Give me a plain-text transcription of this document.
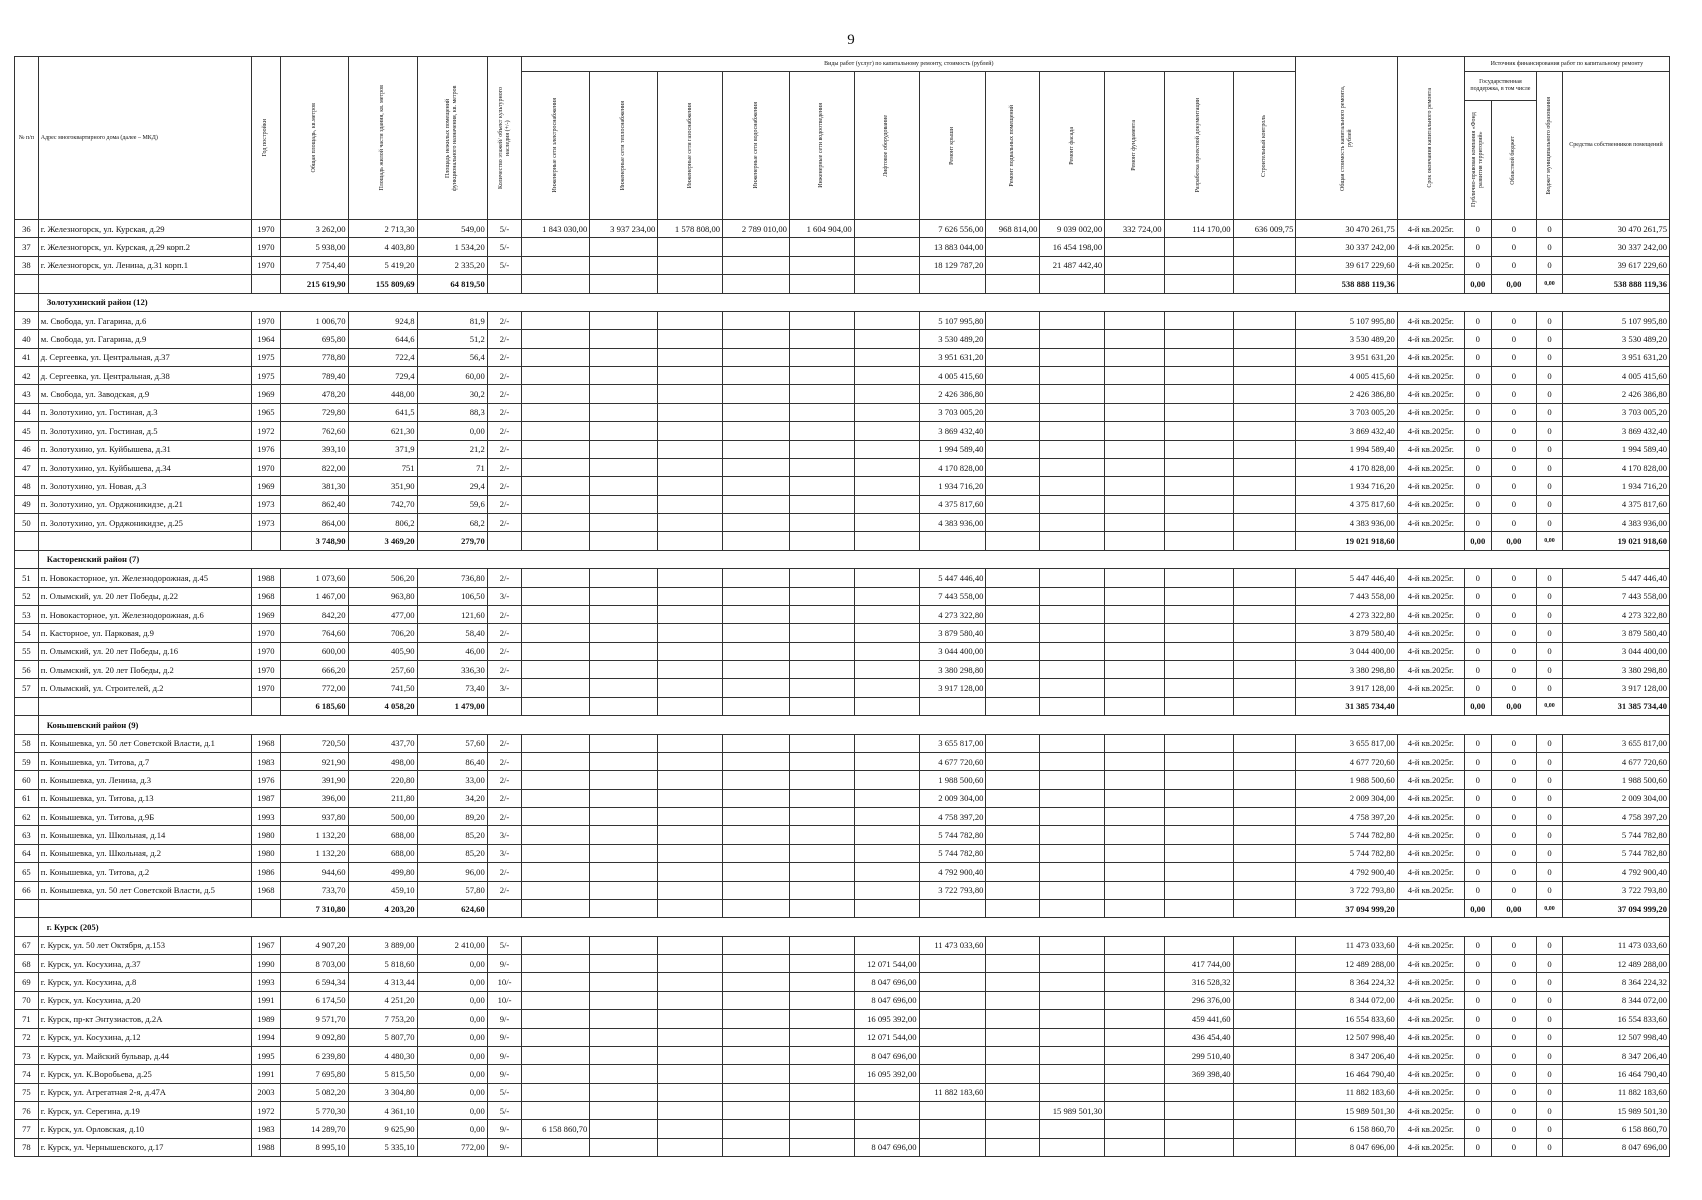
9
№ п/п	Адрес многоквартирного дома (далее – МКД)	Год постройки	Общая площадь, кв.метров	Площадь жилой части здания, кв. метров	Площадь нежилых помещений функционального назначения, кв. метров	Количество этажей/ объект культурного наследия (+/-)	Виды работ (услуг) по капитальному ремонту, стоимость (рублей)												Общая стоимость капитального ремонта, рублей	Срок окончания капитального ремонта	Источник финансирования работ по капитальному ремонту			

							Инженерные сети электроснабжения	Инженерные сети теплоснабжения	Инженерные сети газоснабжения	Инженерные сети водоснабжения	Инженерные сети водоотведения	Лифтовое оборудование	Ремонт крыши	Ремонт подвальных помещений	Ремонт фасада	Ремонт фундамента	Разработка проектной документации	Строительный контроль			Государственная поддержка, в том числе		Бюджет муниципального образования	Средства собственников помещений

																					Публично-правовая компания «Фонд развития территорий»	Областной бюджет		

36	г. Железногорск, ул. Курская, д.29	1970	3 262,00	2 713,30	549,00	5/-	1 843 030,00	3 937 234,00	1 578 808,00	2 789 010,00	1 604 904,00		7 626 556,00	968 814,00	9 039 002,00	332 724,00	114 170,00	636 009,75	30 470 261,75	4-й кв.2025г.	0	0	0	30 470 261,75
37	г. Железногорск, ул. Курская, д.29 корп.2	1970	5 938,00	4 403,80	1 534,20	5/-							13 883 044,00		16 454 198,00				30 337 242,00	4-й кв.2025г.	0	0	0	30 337 242,00
38	г. Железногорск, ул. Ленина, д.31 корп.1	1970	7 754,40	5 419,20	2 335,20	5/-							18 129 787,20		21 487 442,40				39 617 229,60	4-й кв.2025г.	0	0	0	39 617 229,60
			215 619,90	155 809,69	64 819,50														538 888 119,36		0,00	0,00	0,00	538 888 119,36
	Золотухинский район (12)																							
39	м. Свобода, ул. Гагарина, д.6	1970	1 006,70	924,8	81,9	2/-							5 107 995,80						5 107 995,80	4-й кв.2025г.	0	0	0	5 107 995,80
40	м. Свобода, ул. Гагарина, д.9	1964	695,80	644,6	51,2	2/-							3 530 489,20						3 530 489,20	4-й кв.2025г.	0	0	0	3 530 489,20
41	д. Сергеевка, ул. Центральная, д.37	1975	778,80	722,4	56,4	2/-							3 951 631,20						3 951 631,20	4-й кв.2025г.	0	0	0	3 951 631,20
42	д. Сергеевка, ул. Центральная, д.38	1975	789,40	729,4	60,00	2/-							4 005 415,60						4 005 415,60	4-й кв.2025г.	0	0	0	4 005 415,60
43	м. Свобода, ул. Заводская, д.9	1969	478,20	448,00	30,2	2/-							2 426 386,80						2 426 386,80	4-й кв.2025г.	0	0	0	2 426 386,80
44	п. Золотухино, ул. Гостиная, д.3	1965	729,80	641,5	88,3	2/-							3 703 005,20						3 703 005,20	4-й кв.2025г.	0	0	0	3 703 005,20
45	п. Золотухино, ул. Гостиная, д.5	1972	762,60	621,30	0,00	2/-							3 869 432,40						3 869 432,40	4-й кв.2025г.	0	0	0	3 869 432,40
46	п. Золотухино, ул. Куйбышева, д.31	1976	393,10	371,9	21,2	2/-							1 994 589,40						1 994 589,40	4-й кв.2025г.	0	0	0	1 994 589,40
47	п. Золотухино, ул. Куйбышева, д.34	1970	822,00	751	71	2/-							4 170 828,00						4 170 828,00	4-й кв.2025г.	0	0	0	4 170 828,00
48	п. Золотухино, ул. Новая, д.3	1969	381,30	351,90	29,4	2/-							1 934 716,20						1 934 716,20	4-й кв.2025г.	0	0	0	1 934 716,20
49	п. Золотухино, ул. Орджоникидзе, д.21	1973	862,40	742,70	59,6	2/-							4 375 817,60						4 375 817,60	4-й кв.2025г.	0	0	0	4 375 817,60
50	п. Золотухино, ул. Орджоникидзе, д.25	1973	864,00	806,2	68,2	2/-							4 383 936,00						4 383 936,00	4-й кв.2025г.	0	0	0	4 383 936,00
			3 748,90	3 469,20	279,70														19 021 918,60		0,00	0,00	0,00	19 021 918,60
	Касторенский район (7)																							
51	п. Новокасторное, ул. Железнодорожная, д.45	1988	1 073,60	506,20	736,80	2/-							5 447 446,40						5 447 446,40	4-й кв.2025г.	0	0	0	5 447 446,40
52	п. Олымский, ул. 20 лет Победы, д.22	1968	1 467,00	963,80	106,50	3/-							7 443 558,00						7 443 558,00	4-й кв.2025г.	0	0	0	7 443 558,00
53	п. Новокасторное, ул. Железнодорожная, д.6	1969	842,20	477,00	121,60	2/-							4 273 322,80						4 273 322,80	4-й кв.2025г.	0	0	0	4 273 322,80
54	п. Касторное, ул. Парковая, д.9	1970	764,60	706,20	58,40	2/-							3 879 580,40						3 879 580,40	4-й кв.2025г.	0	0	0	3 879 580,40
55	п. Олымский, ул. 20 лет Победы, д.16	1970	600,00	405,90	46,00	2/-							3 044 400,00						3 044 400,00	4-й кв.2025г.	0	0	0	3 044 400,00
56	п. Олымский, ул. 20 лет Победы, д.2	1970	666,20	257,60	336,30	2/-							3 380 298,80						3 380 298,80	4-й кв.2025г.	0	0	0	3 380 298,80
57	п. Олымский, ул. Строителей, д.2	1970	772,00	741,50	73,40	3/-							3 917 128,00						3 917 128,00	4-й кв.2025г.	0	0	0	3 917 128,00
			6 185,60	4 058,20	1 479,00														31 385 734,40		0,00	0,00	0,00	31 385 734,40
	Коньшевский район (9)																							
58	п. Конышевка, ул. 50 лет Советской Власти, д.1	1968	720,50	437,70	57,60	2/-							3 655 817,00						3 655 817,00	4-й кв.2025г.	0	0	0	3 655 817,00
59	п. Конышевка, ул. Титова, д.7	1983	921,90	498,00	86,40	2/-							4 677 720,60						4 677 720,60	4-й кв.2025г.	0	0	0	4 677 720,60
60	п. Конышевка, ул. Ленина, д.3	1976	391,90	220,80	33,00	2/-							1 988 500,60						1 988 500,60	4-й кв.2025г.	0	0	0	1 988 500,60
61	п. Конышевка, ул. Титова, д.13	1987	396,00	211,80	34,20	2/-							2 009 304,00						2 009 304,00	4-й кв.2025г.	0	0	0	2 009 304,00
62	п. Конышевка, ул. Титова, д.9Б	1993	937,80	500,00	89,20	2/-							4 758 397,20						4 758 397,20	4-й кв.2025г.	0	0	0	4 758 397,20
63	п. Конышевка, ул. Школьная, д.14	1980	1 132,20	688,00	85,20	3/-							5 744 782,80						5 744 782,80	4-й кв.2025г.	0	0	0	5 744 782,80
64	п. Конышевка, ул. Школьная, д.2	1980	1 132,20	688,00	85,20	3/-							5 744 782,80						5 744 782,80	4-й кв.2025г.	0	0	0	5 744 782,80
65	п. Конышевка, ул. Титова, д.2	1986	944,60	499,80	96,00	2/-							4 792 900,40						4 792 900,40	4-й кв.2025г.	0	0	0	4 792 900,40
66	п. Конышевка, ул. 50 лет Советской Власти, д.5	1968	733,70	459,10	57,80	2/-							3 722 793,80						3 722 793,80	4-й кв.2025г.	0	0	0	3 722 793,80
			7 310,80	4 203,20	624,60														37 094 999,20		0,00	0,00	0,00	37 094 999,20
	г. Курск (205)																							
67	г. Курск, ул. 50 лет Октября, д.153	1967	4 907,20	3 889,00	2 410,00	5/-							11 473 033,60						11 473 033,60	4-й кв.2025г.	0	0	0	11 473 033,60
68	г. Курск, ул. Косухина, д.37	1990	8 703,00	5 818,60	0,00	9/-						12 071 544,00					417 744,00		12 489 288,00	4-й кв.2025г.	0	0	0	12 489 288,00
69	г. Курск, ул. Косухина, д.8	1993	6 594,34	4 313,44	0,00	10/-						8 047 696,00					316 528,32		8 364 224,32	4-й кв.2025г.	0	0	0	8 364 224,32
70	г. Курск, ул. Косухина, д.20	1991	6 174,50	4 251,20	0,00	10/-						8 047 696,00					296 376,00		8 344 072,00	4-й кв.2025г.	0	0	0	8 344 072,00
71	г. Курск, пр-кт Энтузиастов, д.2А	1989	9 571,70	7 753,20	0,00	9/-						16 095 392,00					459 441,60		16 554 833,60	4-й кв.2025г.	0	0	0	16 554 833,60
72	г. Курск, ул. Косухина, д.12	1994	9 092,80	5 807,70	0,00	9/-						12 071 544,00					436 454,40		12 507 998,40	4-й кв.2025г.	0	0	0	12 507 998,40
73	г. Курск, ул. Майский бульвар, д.44	1995	6 239,80	4 480,30	0,00	9/-						8 047 696,00					299 510,40		8 347 206,40	4-й кв.2025г.	0	0	0	8 347 206,40
74	г. Курск, ул. К.Воробьева, д.25	1991	7 695,80	5 815,50	0,00	9/-						16 095 392,00					369 398,40		16 464 790,40	4-й кв.2025г.	0	0	0	16 464 790,40
75	г. Курск, ул. Агрегатная 2-я, д.47А	2003	5 082,20	3 304,80	0,00	5/-							11 882 183,60						11 882 183,60	4-й кв.2025г.	0	0	0	11 882 183,60
76	г. Курск, ул. Серегина, д.19	1972	5 770,30	4 361,10	0,00	5/-									15 989 501,30				15 989 501,30	4-й кв.2025г.	0	0	0	15 989 501,30
77	г. Курск, ул. Орловская, д.10	1983	14 289,70	9 625,90	0,00	9/-	6 158 860,70												6 158 860,70	4-й кв.2025г.	0	0	0	6 158 860,70
78	г. Курск, ул. Чернышевского, д.17	1988	8 995,10	5 335,10	772,00	9/-						8 047 696,00							8 047 696,00	4-й кв.2025г.	0	0	0	8 047 696,00
